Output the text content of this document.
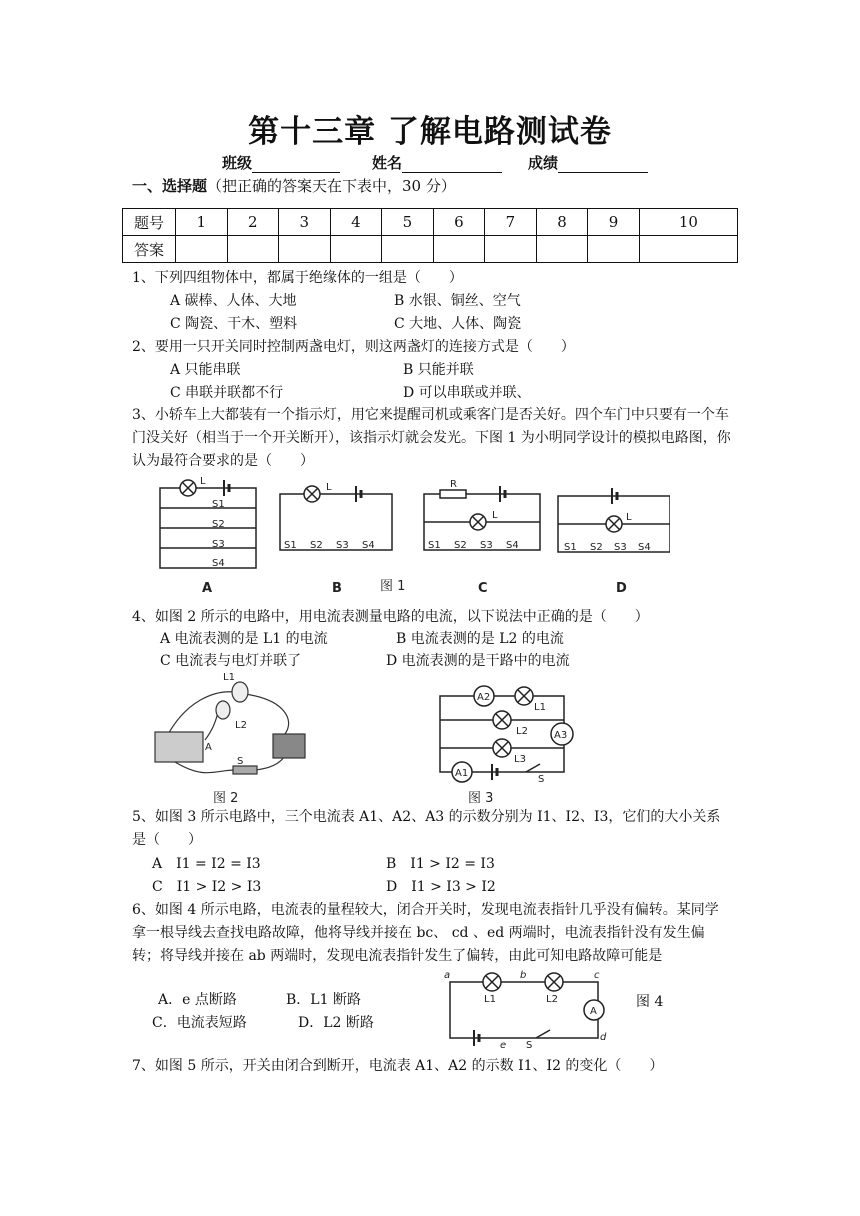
第十三章 了解电路测试卷
班级	姓名	成绩
一、选择题（把正确的答案天在下表中，30 分）
题号	1	2	3	4	5	6	7	8	9	10
答案										
1、下列四组物体中，都属于绝缘体的一组是（　　）
A 碳棒、人体、大地	B 水银、铜丝、空气
C 陶瓷、干木、塑料	C 大地、人体、陶瓷
2、要用一只开关同时控制两盏电灯，则这两盏灯的连接方式是（　　）
A 只能串联	B 只能并联
C 串联并联都不行	D 可以串联或并联、
3、小轿车上大都装有一个指示灯，用它来提醒司机或乘客门是否关好。四个车门中只要有一个车门没关好（相当于一个开关断开），该指示灯就会发光。下图 1 为小明同学设计的模拟电路图，你认为最符合要求的是（　　）
L
S1
S2
S3
S4
L
S1 S2 S3 S4
R
L
S1 S2 S3 S4
L
S1 S2 S3 S4
A	B	C	D
图 1
4、如图 2 所示的电路中，用电流表测量电路的电流，以下说法中正确的是（　　）
A 电流表测的是 L1 的电流	B 电流表测的是 L2 的电流
C 电流表与电灯并联了	D 电流表测的是干路中的电流
L1
L2
A
S
图 2
A2
L1
L2	A3
L3
A1
S
图 3
5、如图 3 所示电路中，三个电流表 A1、A2、A3 的示数分别为 I1、I2、I3，它们的大小关系是（　　）
A　I1 = I2 = I3	B　I1 > I2 = I3
C　I1 > I2 > I3	D　I1 > I3 > I2
6、如图 4 所示电路，电流表的量程较大，闭合开关时，发现电流表指针几乎没有偏转。某同学拿一根导线去查找电路故障，他将导线并接在 bc、 cd 、ed 两端时，电流表指针没有发生偏转；将导线并接在 ab 两端时，发现电流表指针发生了偏转，由此可知电路故障可能是
A．e 点断路	B．L1 断路
C．电流表短路	D．L2 断路
a	b	c
d
e
L1	L2
A
S
图 4
7、如图 5 所示，开关由闭合到断开，电流表 A1、A2 的示数 I1、I2 的变化（　　）
